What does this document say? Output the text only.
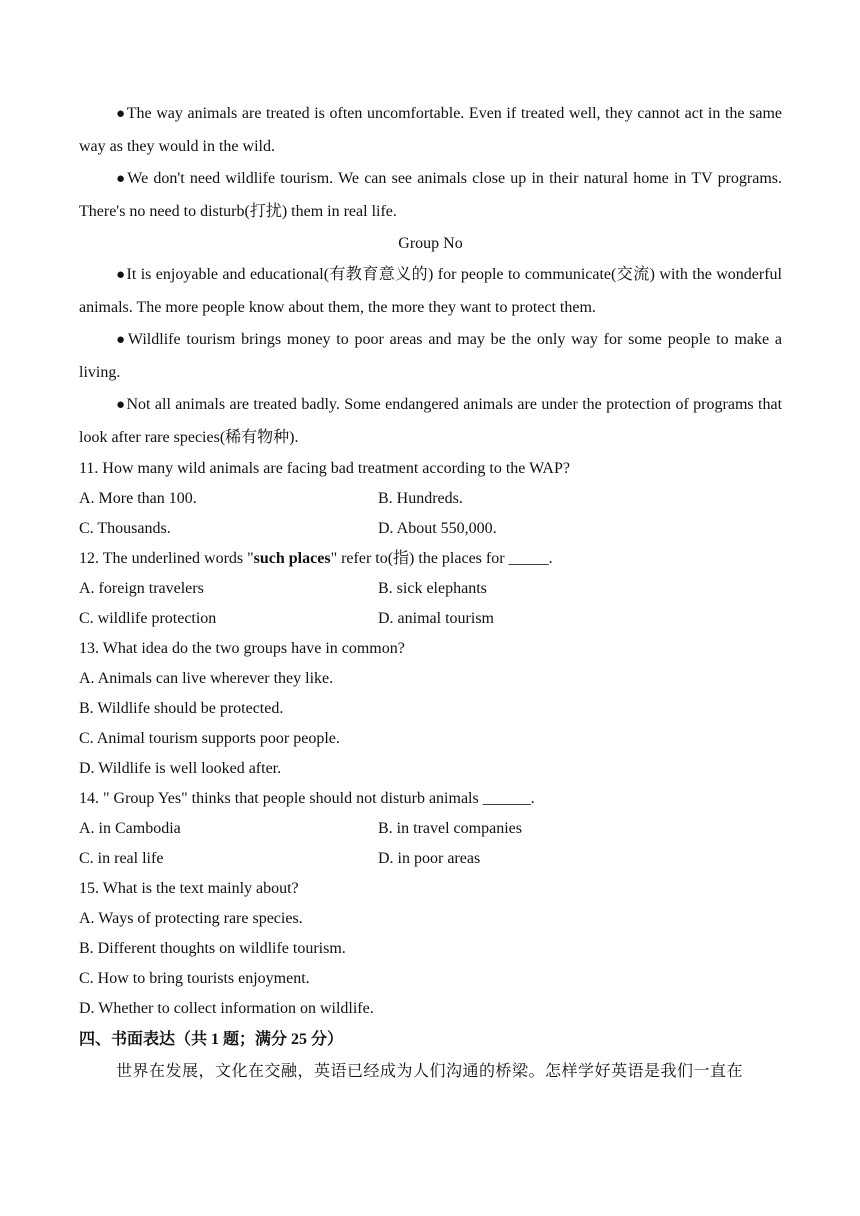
●The way animals are treated is often uncomfortable. Even if treated well, they cannot act in the same way as they would in the wild.

●We don't need wildlife tourism. We can see animals close up in their natural home in TV programs. There's no need to disturb(打扰) them in real life.

Group No

●It is enjoyable and educational(有教育意义的) for people to communicate(交流) with the wonderful animals. The more people know about them, the more they want to protect them.

●Wildlife tourism brings money to poor areas and may be the only way for some people to make a living.

●Not all animals are treated badly. Some endangered animals are under the protection of programs that look after rare species(稀有物种).

11. How many wild animals are facing bad treatment according to the WAP?

A. More than 100.	B. Hundreds.

C. Thousands.	D. About 550,000.

12. The underlined words "such places" refer to(指) the places for _____.

A. foreign travelers	B. sick elephants

C. wildlife protection	D. animal tourism

13. What idea do the two groups have in common?

A. Animals can live wherever they like.

B. Wildlife should be protected.

C. Animal tourism supports poor people.

D. Wildlife is well looked after.

14. " Group Yes" thinks that people should not disturb animals ______.

A. in Cambodia	B. in travel companies

C. in real life	D. in poor areas

15. What is the text mainly about?

A. Ways of protecting rare species.

B. Different thoughts on wildlife tourism.

C. How to bring tourists enjoyment.

D. Whether to collect information on wildlife.

四、书面表达（共 1 题；满分 25 分）

世界在发展，文化在交融，英语已经成为人们沟通的桥梁。怎样学好英语是我们一直在
